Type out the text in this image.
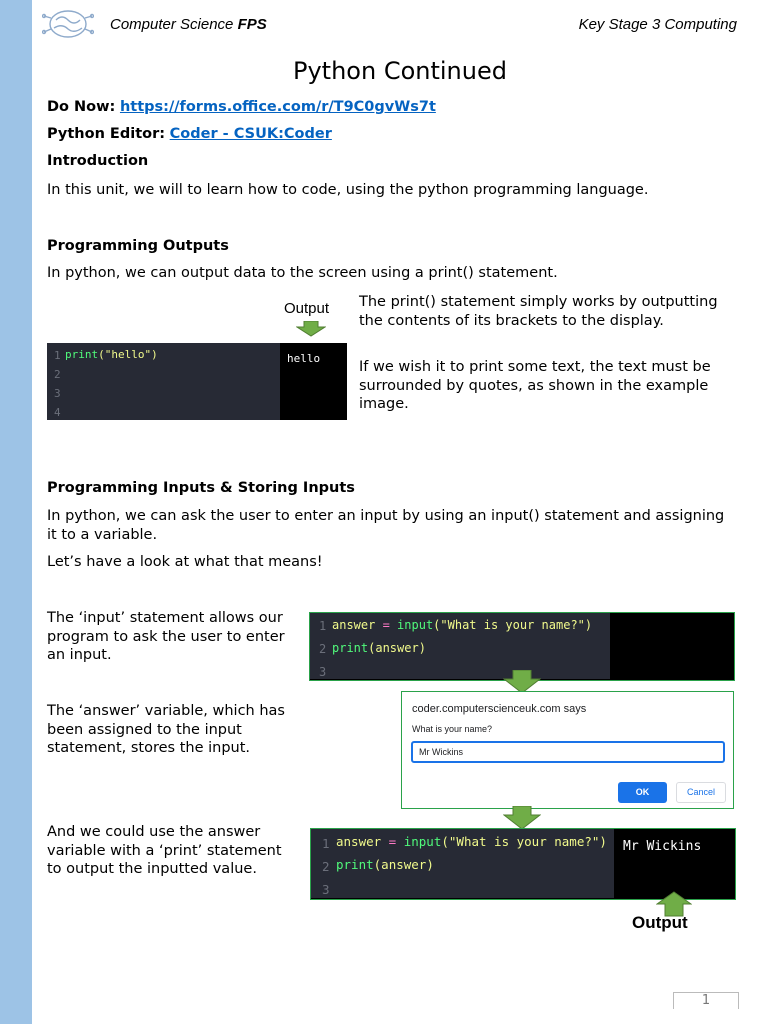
Computer Science FPS	Key Stage 3 Computing
Python Continued
Do Now: https://forms.office.com/r/T9C0gvWs7t
Python Editor: Coder - CSUK:Coder
Introduction
In this unit, we will to learn how to code, using the python programming language.
Programming Outputs
In python, we can output data to the screen using a print() statement.
Output
1 print("hello")
2
3
4
hello
The print() statement simply works by outputting the contents of its brackets to the display.
If we wish it to print some text, the text must be surrounded by quotes, as shown in the example image.
Programming Inputs & Storing Inputs
In python, we can ask the user to enter an input by using an input() statement and assigning it to a variable.
Let’s have a look at what that means!
The ‘input’ statement allows our program to ask the user to enter an input.
The ‘answer’ variable, which has been assigned to the input statement, stores the input.
And we could use the answer variable with a ‘print’ statement to output the inputted value.
1 answer = input("What is your name?")
2 print(answer)
3
coder.computerscienceuk.com says
What is your name?
Mr Wickins
OK	Cancel
1 answer = input("What is your name?")
2 print(answer)
3
Mr Wickins
Output
1
